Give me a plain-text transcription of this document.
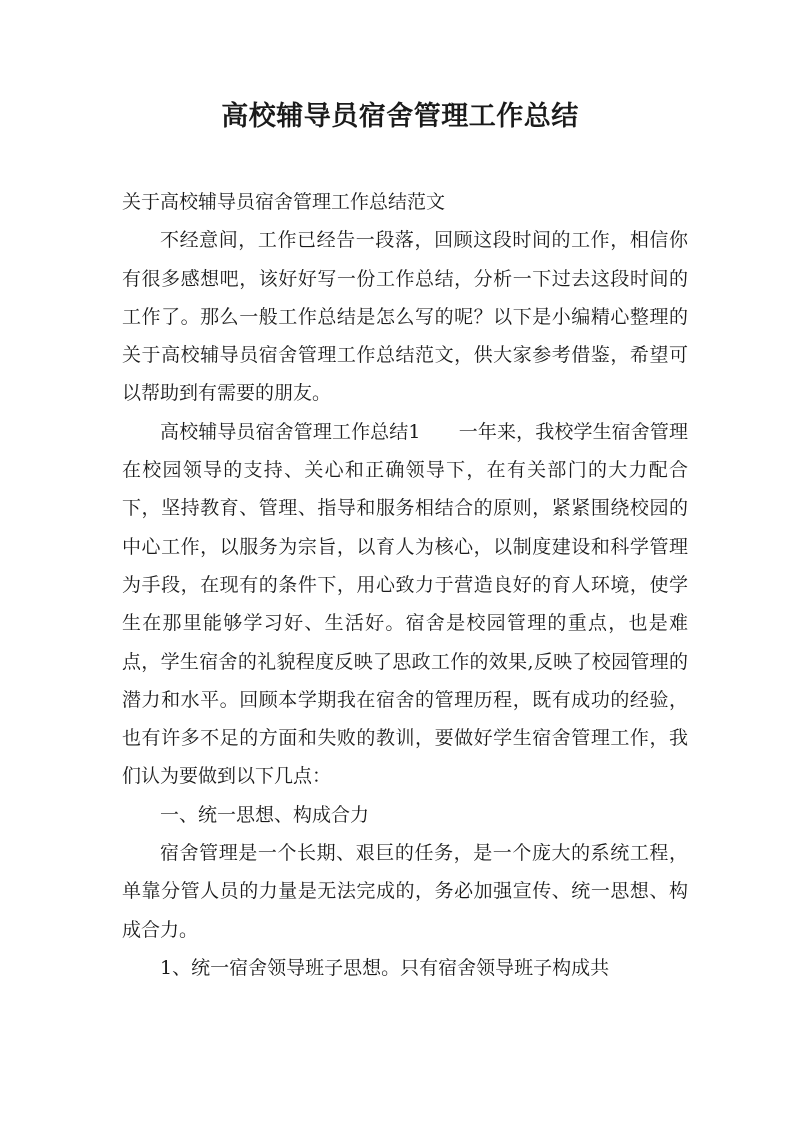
高校辅导员宿舍管理工作总结

关于高校辅导员宿舍管理工作总结范文

不经意间，工作已经告一段落，回顾这段时间的工作，相信你有很多感想吧，该好好写一份工作总结，分析一下过去这段时间的工作了。那么一般工作总结是怎么写的呢？以下是小编精心整理的关于高校辅导员宿舍管理工作总结范文，供大家参考借鉴，希望可以帮助到有需要的朋友。

高校辅导员宿舍管理工作总结1　　一年来，我校学生宿舍管理在校园领导的支持、关心和正确领导下，在有关部门的大力配合下，坚持教育、管理、指导和服务相结合的原则，紧紧围绕校园的中心工作，以服务为宗旨，以育人为核心，以制度建设和科学管理为手段，在现有的条件下，用心致力于营造良好的育人环境，使学生在那里能够学习好、生活好。宿舍是校园管理的重点，也是难点，学生宿舍的礼貌程度反映了思政工作的效果,反映了校园管理的潜力和水平。回顾本学期我在宿舍的管理历程，既有成功的经验，也有许多不足的方面和失败的教训，要做好学生宿舍管理工作，我们认为要做到以下几点：

一、统一思想、构成合力

宿舍管理是一个长期、艰巨的任务，是一个庞大的系统工程，单靠分管人员的力量是无法完成的，务必加强宣传、统一思想、构成合力。

1、统一宿舍领导班子思想。只有宿舍领导班子构成共
